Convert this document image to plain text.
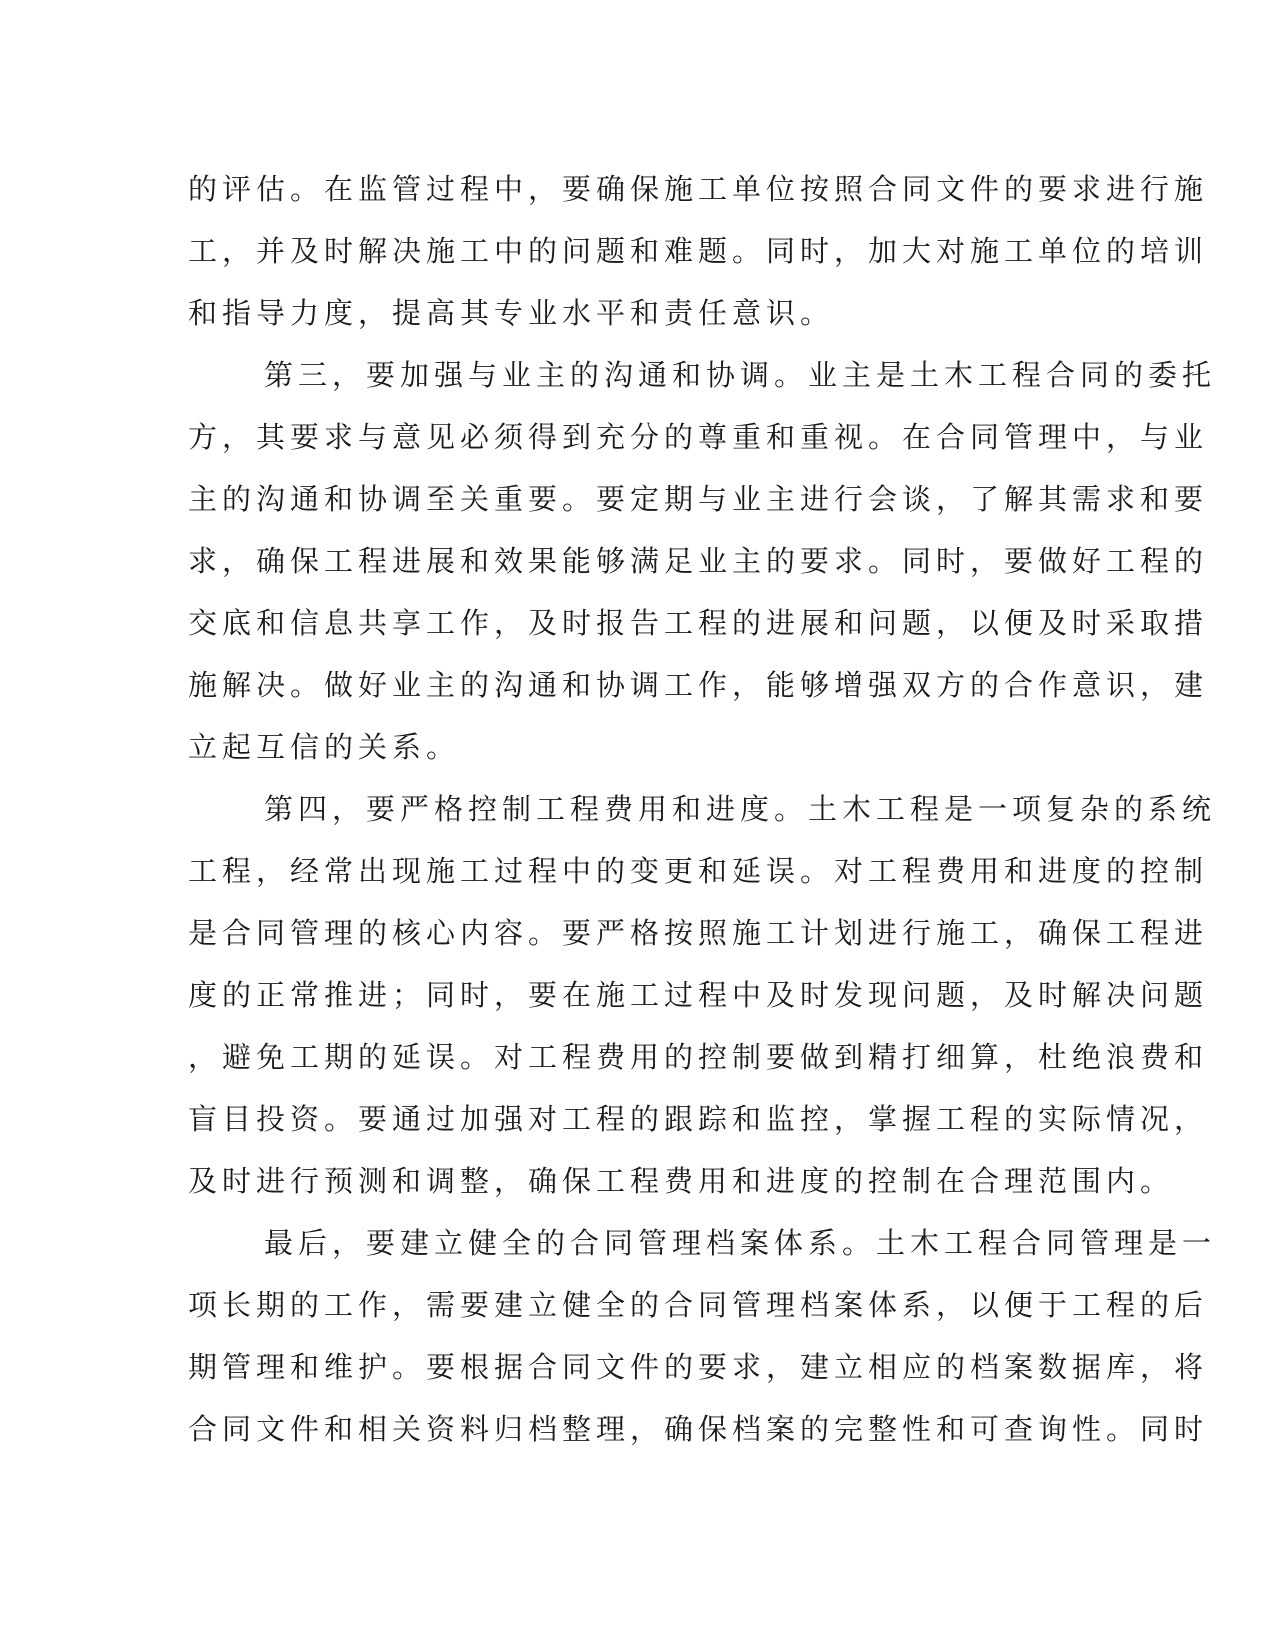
的评估。在监管过程中，要确保施工单位按照合同文件的要求进行施
工，并及时解决施工中的问题和难题。同时，加大对施工单位的培训
和指导力度，提高其专业水平和责任意识。
第三，要加强与业主的沟通和协调。业主是土木工程合同的委托
方，其要求与意见必须得到充分的尊重和重视。在合同管理中，与业
主的沟通和协调至关重要。要定期与业主进行会谈，了解其需求和要
求，确保工程进展和效果能够满足业主的要求。同时，要做好工程的
交底和信息共享工作，及时报告工程的进展和问题，以便及时采取措
施解决。做好业主的沟通和协调工作，能够增强双方的合作意识，建
立起互信的关系。
第四，要严格控制工程费用和进度。土木工程是一项复杂的系统
工程，经常出现施工过程中的变更和延误。对工程费用和进度的控制
是合同管理的核心内容。要严格按照施工计划进行施工，确保工程进
度的正常推进；同时，要在施工过程中及时发现问题，及时解决问题
，避免工期的延误。对工程费用的控制要做到精打细算，杜绝浪费和
盲目投资。要通过加强对工程的跟踪和监控，掌握工程的实际情况，
及时进行预测和调整，确保工程费用和进度的控制在合理范围内。
最后，要建立健全的合同管理档案体系。土木工程合同管理是一
项长期的工作，需要建立健全的合同管理档案体系，以便于工程的后
期管理和维护。要根据合同文件的要求，建立相应的档案数据库，将
合同文件和相关资料归档整理，确保档案的完整性和可查询性。同时
